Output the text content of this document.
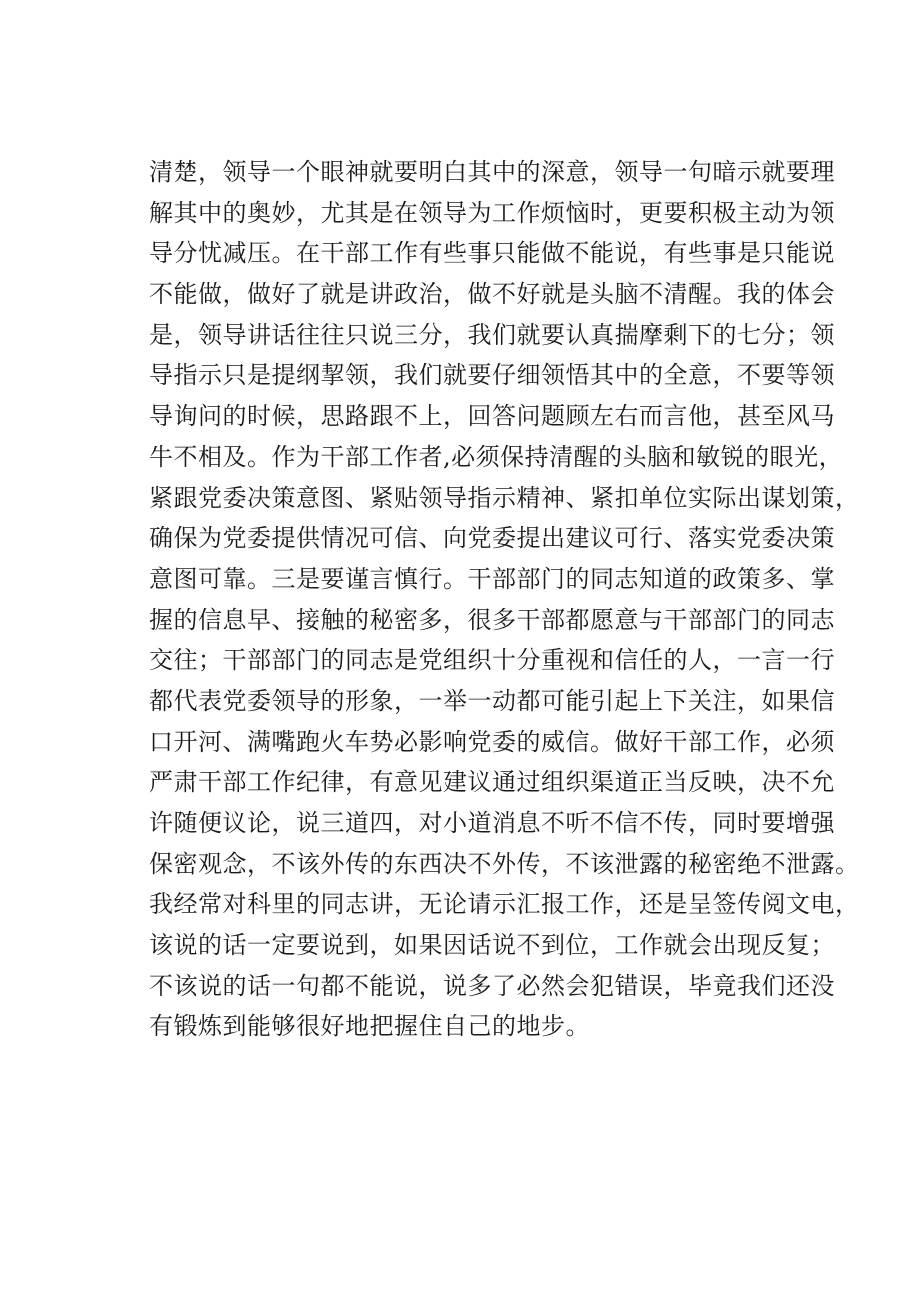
清楚，领导一个眼神就要明白其中的深意，领导一句暗示就要理
解其中的奥妙，尤其是在领导为工作烦恼时，更要积极主动为领
导分忧减压。在干部工作有些事只能做不能说，有些事是只能说
不能做，做好了就是讲政治，做不好就是头脑不清醒。我的体会
是，领导讲话往往只说三分，我们就要认真揣摩剩下的七分；领
导指示只是提纲挈领，我们就要仔细领悟其中的全意，不要等领
导询问的时候，思路跟不上，回答问题顾左右而言他，甚至风马
牛不相及。作为干部工作者,必须保持清醒的头脑和敏锐的眼光，
紧跟党委决策意图、紧贴领导指示精神、紧扣单位实际出谋划策，
确保为党委提供情况可信、向党委提出建议可行、落实党委决策
意图可靠。三是要谨言慎行。干部部门的同志知道的政策多、掌
握的信息早、接触的秘密多，很多干部都愿意与干部部门的同志
交往；干部部门的同志是党组织十分重视和信任的人，一言一行
都代表党委领导的形象，一举一动都可能引起上下关注，如果信
口开河、满嘴跑火车势必影响党委的威信。做好干部工作，必须
严肃干部工作纪律，有意见建议通过组织渠道正当反映，决不允
许随便议论，说三道四，对小道消息不听不信不传，同时要增强
保密观念，不该外传的东西决不外传，不该泄露的秘密绝不泄露。
我经常对科里的同志讲，无论请示汇报工作，还是呈签传阅文电，
该说的话一定要说到，如果因话说不到位，工作就会出现反复；
不该说的话一句都不能说，说多了必然会犯错误，毕竟我们还没
有锻炼到能够很好地把握住自己的地步。
